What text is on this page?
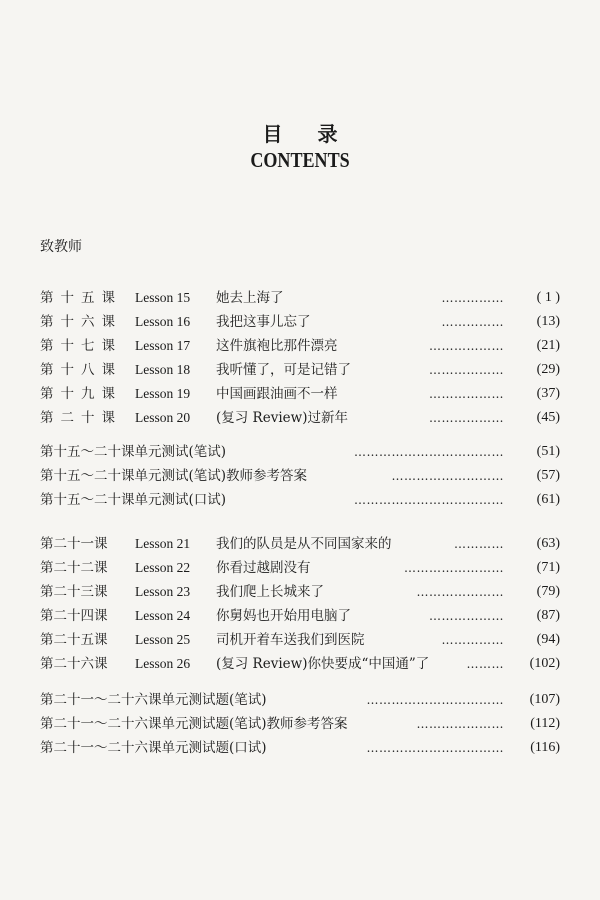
目 录
CONTENTS
致教师
第十五课 Lesson 15 她去上海了	…………… ( 1 )
第十六课 Lesson 16 我把这事儿忘了	…………… (13)
第十七课 Lesson 17 这件旗袍比那件漂亮	……………… (21)
第十八课 Lesson 18 我听懂了，可是记错了	……………… (29)
第十九课 Lesson 19 中国画跟油画不一样	……………… (37)
第二十课 Lesson 20 (复习 Review)过新年	……………… (45)
第十五～二十课单元测试(笔试)	……………………………… (51)
第十五～二十课单元测试(笔试)教师参考答案	……………………… (57)
第十五～二十课单元测试(口试)	……………………………… (61)
第二十一课	Lesson 21 我们的队员是从不同国家来的	………… (63)
第二十二课	Lesson 22 你看过越剧没有	…………………… (71)
第二十三课	Lesson 23 我们爬上长城来了	………………… (79)
第二十四课	Lesson 24 你舅妈也开始用电脑了	……………… (87)
第二十五课	Lesson 25 司机开着车送我们到医院	…………… (94)
第二十六课	Lesson 26 (复习 Review)你快要成“中国通”了	……… (102)
第二十一～二十六课单元测试题(笔试)	…………………………… (107)
第二十一～二十六课单元测试题(笔试)教师参考答案	………………… (112)
第二十一～二十六课单元测试题(口试)	…………………………… (116)
